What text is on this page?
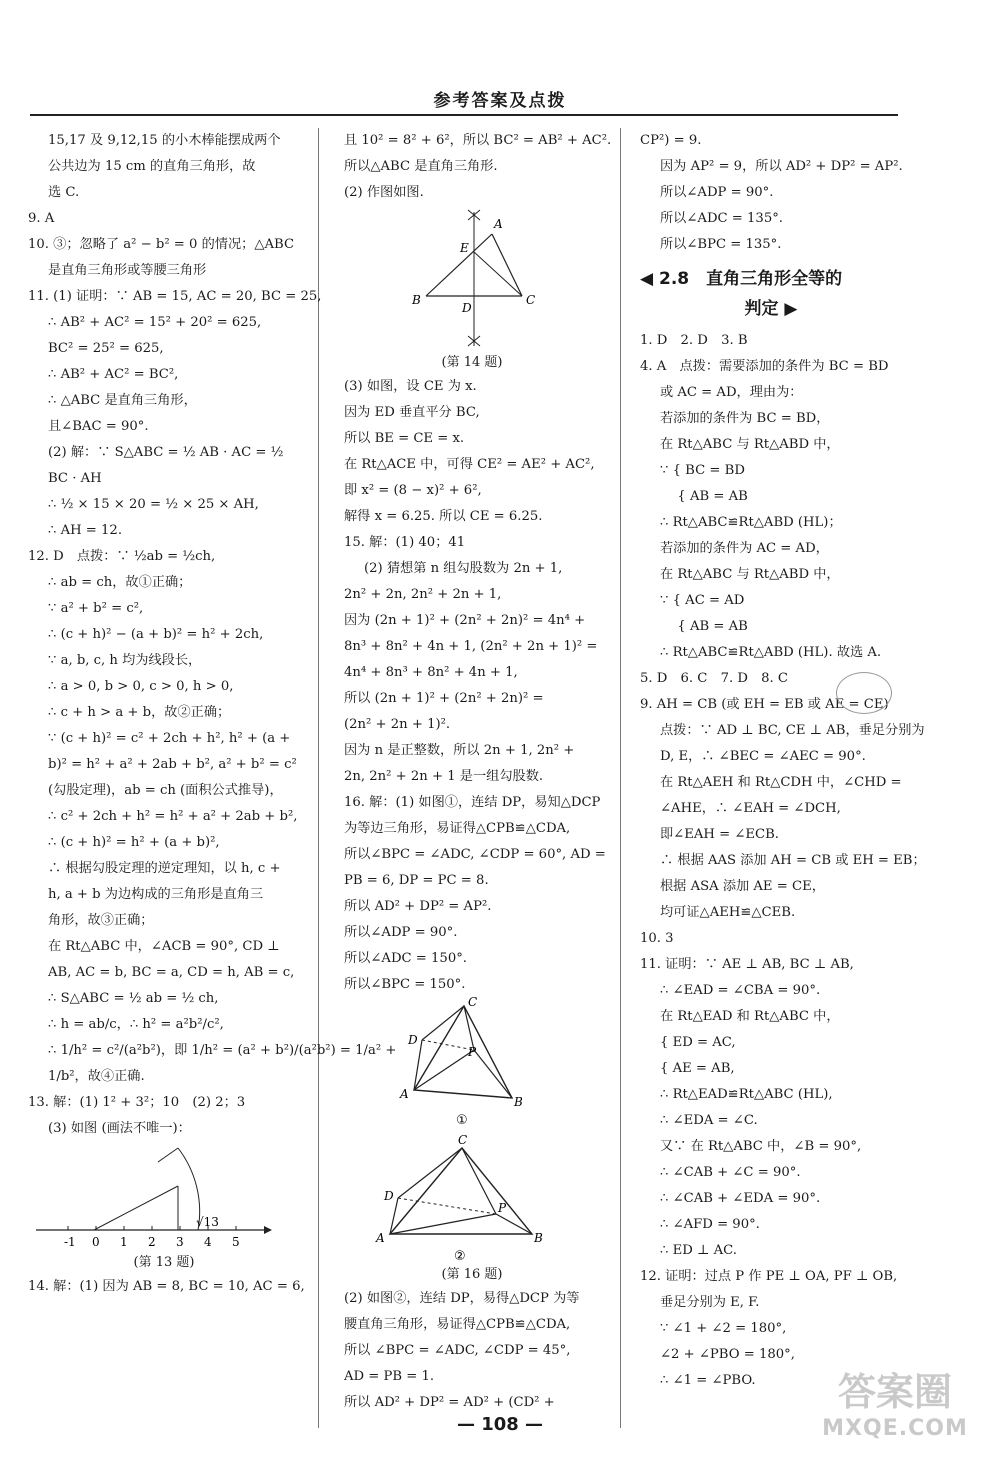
参考答案及点拨
15,17 及 9,12,15 的小木棒能摆成两个
公共边为 15 cm 的直角三角形，故
选 C.
9. A
10. ③；忽略了 a² − b² = 0 的情况；△ABC
是直角三角形或等腰三角形
11. (1) 证明：∵ AB = 15, AC = 20, BC = 25,
∴ AB² + AC² = 15² + 20² = 625,
BC² = 25² = 625,
∴ AB² + AC² = BC²,
∴ △ABC 是直角三角形，
且∠BAC = 90°.
(2) 解：∵ S△ABC = ½ AB · AC = ½
BC · AH
∴ ½ × 15 × 20 = ½ × 25 × AH,
∴ AH = 12.
12. D　点拨：∵ ½ab = ½ch,
∴ ab = ch，故①正确；
∵ a² + b² = c²,
∴ (c + h)² − (a + b)² = h² + 2ch,
∵ a, b, c, h 均为线段长，
∴ a > 0, b > 0, c > 0, h > 0,
∴ c + h > a + b，故②正确；
∵ (c + h)² = c² + 2ch + h², h² + (a +
b)² = h² + a² + 2ab + b², a² + b² = c²
(勾股定理)，ab = ch (面积公式推导)，
∴ c² + 2ch + h² = h² + a² + 2ab + b²,
∴ (c + h)² = h² + (a + b)²,
∴ 根据勾股定理的逆定理知，以 h, c +
h, a + b 为边构成的三角形是直角三
角形，故③正确；
在 Rt△ABC 中，∠ACB = 90°, CD ⊥
AB, AC = b, BC = a, CD = h, AB = c,
∴ S△ABC = ½ ab = ½ ch,
∴ h = ab/c，∴ h² = a²b²/c²,
∴ 1/h² = c²/(a²b²)，即 1/h² = (a² + b²)/(a²b²) = 1/a² +
1/b²，故④正确.
13. 解：(1) 1² + 3²；10　(2) 2；3
(3) 如图 (画法不唯一)：
-1 0 1 2 3 4 5
√13
(第 13 题)
14. 解：(1) 因为 AB = 8, BC = 10, AC = 6,
且 10² = 8² + 6²，所以 BC² = AB² + AC².
所以△ABC 是直角三角形.
(2) 作图如图.
A
E
B
D
C
(第 14 题)
(3) 如图，设 CE 为 x.
因为 ED 垂直平分 BC,
所以 BE = CE = x.
在 Rt△ACE 中，可得 CE² = AE² + AC²,
即 x² = (8 − x)² + 6²,
解得 x = 6.25. 所以 CE = 6.25.
15. 解：(1) 40；41
(2) 猜想第 n 组勾股数为 2n + 1,
2n² + 2n, 2n² + 2n + 1,
因为 (2n + 1)² + (2n² + 2n)² = 4n⁴ +
8n³ + 8n² + 4n + 1, (2n² + 2n + 1)² =
4n⁴ + 8n³ + 8n² + 4n + 1,
所以 (2n + 1)² + (2n² + 2n)² =
(2n² + 2n + 1)².
因为 n 是正整数，所以 2n + 1, 2n² +
2n, 2n² + 2n + 1 是一组勾股数.
16. 解：(1) 如图①，连结 DP，易知△DCP
为等边三角形，易证得△CPB≌△CDA,
所以∠BPC = ∠ADC, ∠CDP = 60°, AD =
PB = 6, DP = PC = 8.
所以 AD² + DP² = AP².
所以∠ADP = 90°.
所以∠ADC = 150°.
所以∠BPC = 150°.
C
D
P
A
B
①
C
D
P
A	B
②
(第 16 题)
(2) 如图②，连结 DP，易得△DCP 为等
腰直角三角形，易证得△CPB≌△CDA,
所以 ∠BPC = ∠ADC, ∠CDP = 45°,
AD = PB = 1.
所以 AD² + DP² = AD² + (CD² +
CP²) = 9.
因为 AP² = 9，所以 AD² + DP² = AP².
所以∠ADP = 90°.
所以∠ADC = 135°.
所以∠BPC = 135°.
◀ 2.8　直角三角形全等的
判定 ▶
1. D　2. D　3. B
4. A　点拨：需要添加的条件为 BC = BD
或 AC = AD，理由为：
若添加的条件为 BC = BD，
在 Rt△ABC 与 Rt△ABD 中，
∵ { BC = BD
　 { AB = AB
∴ Rt△ABC≌Rt△ABD (HL)；
若添加的条件为 AC = AD，
在 Rt△ABC 与 Rt△ABD 中，
∵ { AC = AD
　 { AB = AB
∴ Rt△ABC≌Rt△ABD (HL). 故选 A.
5. D　6. C　7. D　8. C
9. AH = CB (或 EH = EB 或 AE = CE)
点拨：∵ AD ⊥ BC, CE ⊥ AB，垂足分别为
D, E，∴ ∠BEC = ∠AEC = 90°.
在 Rt△AEH 和 Rt△CDH 中，∠CHD =
∠AHE，∴ ∠EAH = ∠DCH,
即∠EAH = ∠ECB.
∴ 根据 AAS 添加 AH = CB 或 EH = EB；
根据 ASA 添加 AE = CE，
均可证△AEH≌△CEB.
10. 3
11. 证明：∵ AE ⊥ AB, BC ⊥ AB,
∴ ∠EAD = ∠CBA = 90°.
在 Rt△EAD 和 Rt△ABC 中，
{ ED = AC,
{ AE = AB,
∴ Rt△EAD≌Rt△ABC (HL),
∴ ∠EDA = ∠C.
又∵ 在 Rt△ABC 中，∠B = 90°,
∴ ∠CAB + ∠C = 90°.
∴ ∠CAB + ∠EDA = 90°.
∴ ∠AFD = 90°.
∴ ED ⊥ AC.
12. 证明：过点 P 作 PE ⊥ OA, PF ⊥ OB,
垂足分别为 E, F.
∵ ∠1 + ∠2 = 180°,
∠2 + ∠PBO = 180°,
∴ ∠1 = ∠PBO.
— 108 —
答案圈
MXQE.COM
